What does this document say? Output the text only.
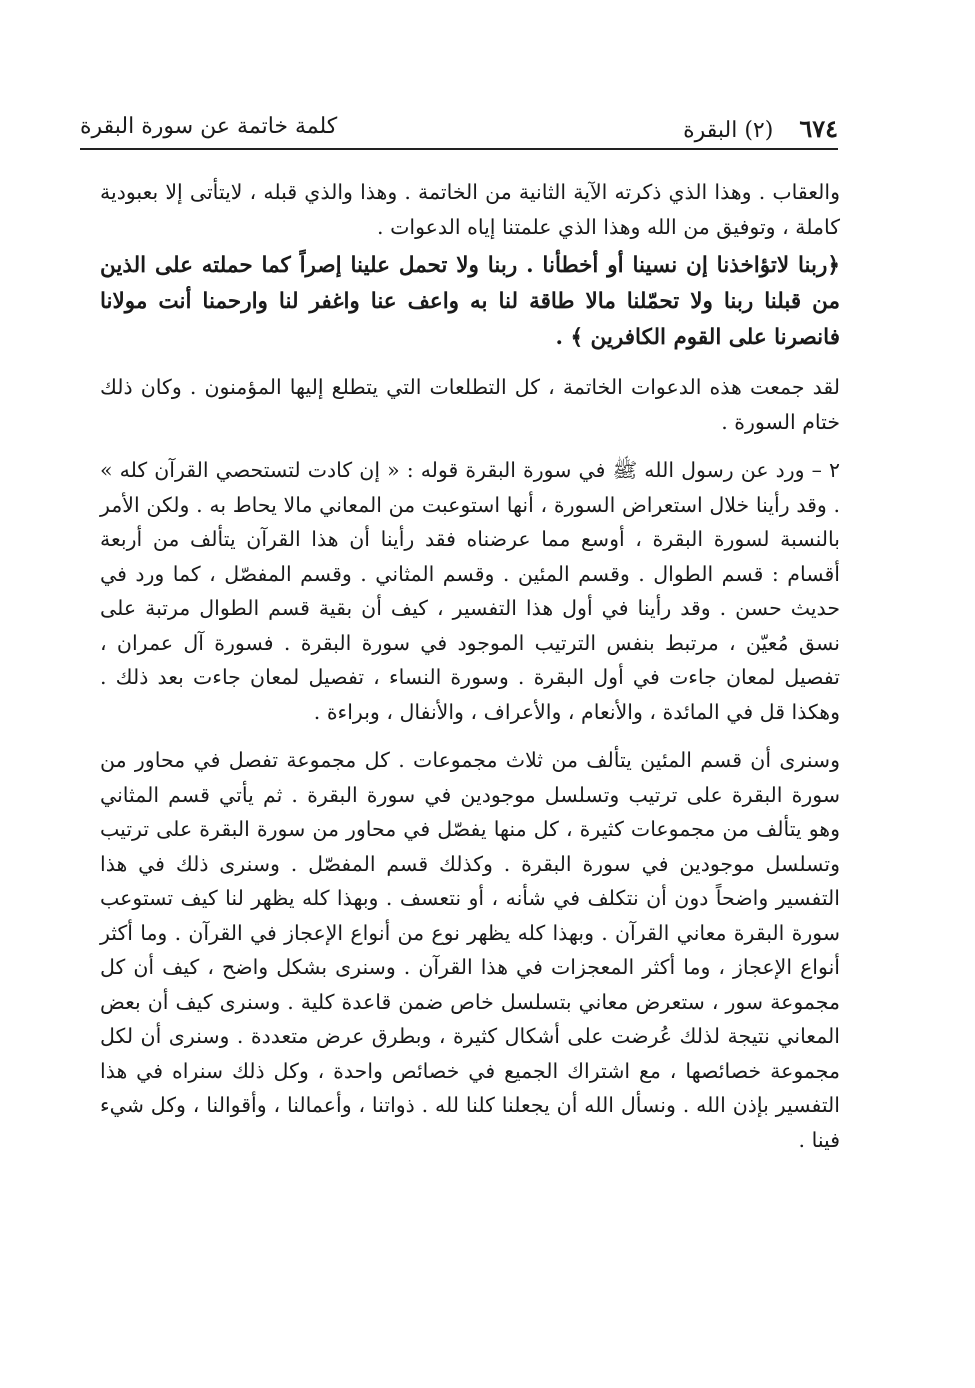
٦٧٤
(٢) البقرة
كلمة خاتمة عن سورة البقرة

والعقاب . وهذا الذي ذكرته الآية الثانية من الخاتمة . وهذا والذي قبله ، لايتأتى إلا بعبودية كاملة ، وتوفيق من الله وهذا الذي علمتنا إياه الدعوات .

﴿ربنا لاتؤاخذنا إن نسينا أو أخطأنا . ربنا ولا تحمل علينا إصراً كما حملته على الذين من قبلنا ربنا ولا تحمّلنا مالا طاقة لنا به واعف عنا واغفر لنا وارحمنا أنت مولانا فانصرنا على القوم الكافرين ﴾ .

لقد جمعت هذه الدعوات الخاتمة ، كل التطلعات التي يتطلع إليها المؤمنون . وكان ذلك ختام السورة .

٢ – ورد عن رسول الله ﷺ في سورة البقرة قوله : « إن كادت لتستحصي القرآن كله » . وقد رأينا خلال استعراض السورة ، أنها استوعبت من المعاني مالا يحاط به . ولكن الأمر بالنسبة لسورة البقرة ، أوسع مما عرضناه فقد رأينا أن هذا القرآن يتألف من أربعة أقسام : قسم الطوال . وقسم المئين . وقسم المثاني . وقسم المفصّل ، كما ورد في حديث حسن . وقد رأينا في أول هذا التفسير ، كيف أن بقية قسم الطوال مرتبة على نسق مُعيّن ، مرتبط بنفس الترتيب الموجود في سورة البقرة . فسورة آل عمران ، تفصيل لمعان جاءت في أول البقرة . وسورة النساء ، تفصيل لمعان جاءت بعد ذلك . وهكذا قل في المائدة ، والأنعام ، والأعراف ، والأنفال ، وبراءة .

وسنرى أن قسم المئين يتألف من ثلاث مجموعات . كل مجموعة تفصل في محاور من سورة البقرة على ترتيب وتسلسل موجودين في سورة البقرة . ثم يأتي قسم المثاني وهو يتألف من مجموعات كثيرة ، كل منها يفصّل في محاور من سورة البقرة على ترتيب وتسلسل موجودين في سورة البقرة . وكذلك قسم المفصّل . وسنرى ذلك في هذا التفسير واضحاً دون أن نتكلف في شأنه ، أو نتعسف . وبهذا كله يظهر لنا كيف تستوعب سورة البقرة معاني القرآن . وبهذا كله يظهر نوع من أنواع الإعجاز في القرآن . وما أكثر أنواع الإعجاز ، وما أكثر المعجزات في هذا القرآن . وسنرى بشكل واضح ، كيف أن كل مجموعة سور ، ستعرض معاني بتسلسل خاص ضمن قاعدة كلية . وسنرى كيف أن بعض المعاني نتيجة لذلك عُرضت على أشكال كثيرة ، وبطرق عرض متعددة . وسنرى أن لكل مجموعة خصائصها ، مع اشتراك الجميع في خصائص واحدة ، وكل ذلك سنراه في هذا التفسير بإذن الله . ونسأل الله أن يجعلنا كلنا لله . ذواتنا ، وأعمالنا ، وأقوالنا ، وكل شيء فينا .
